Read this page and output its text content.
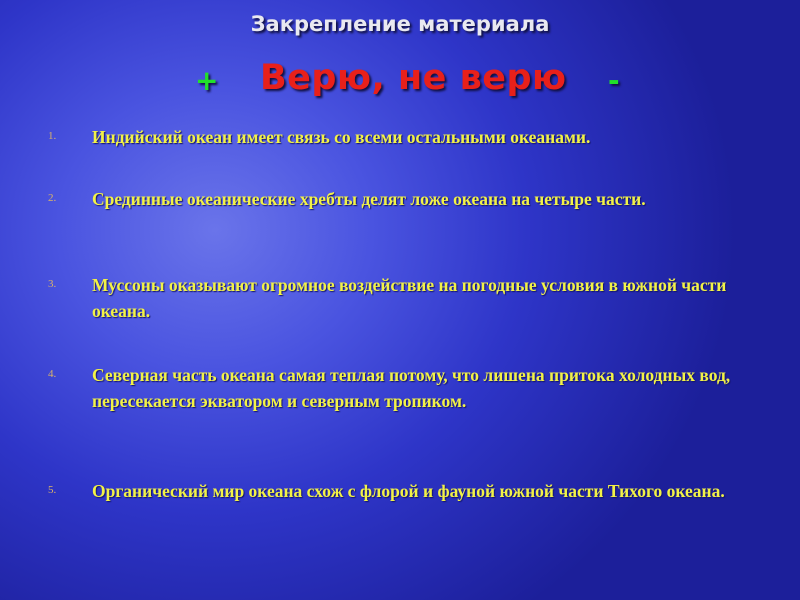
Закрепление материала
+ Верю, не верю -
1. Индийский океан имеет связь со всеми остальными океанами.
2. Срединные океанические хребты делят ложе океана на четыре части.
3. Муссоны оказывают огромное воздействие на погодные условия в южной части океана.
4. Северная часть океана самая теплая потому, что лишена притока холодных вод, пересекается экватором и северным тропиком.
5. Органический мир океана схож с флорой и фауной южной части Тихого океана.
